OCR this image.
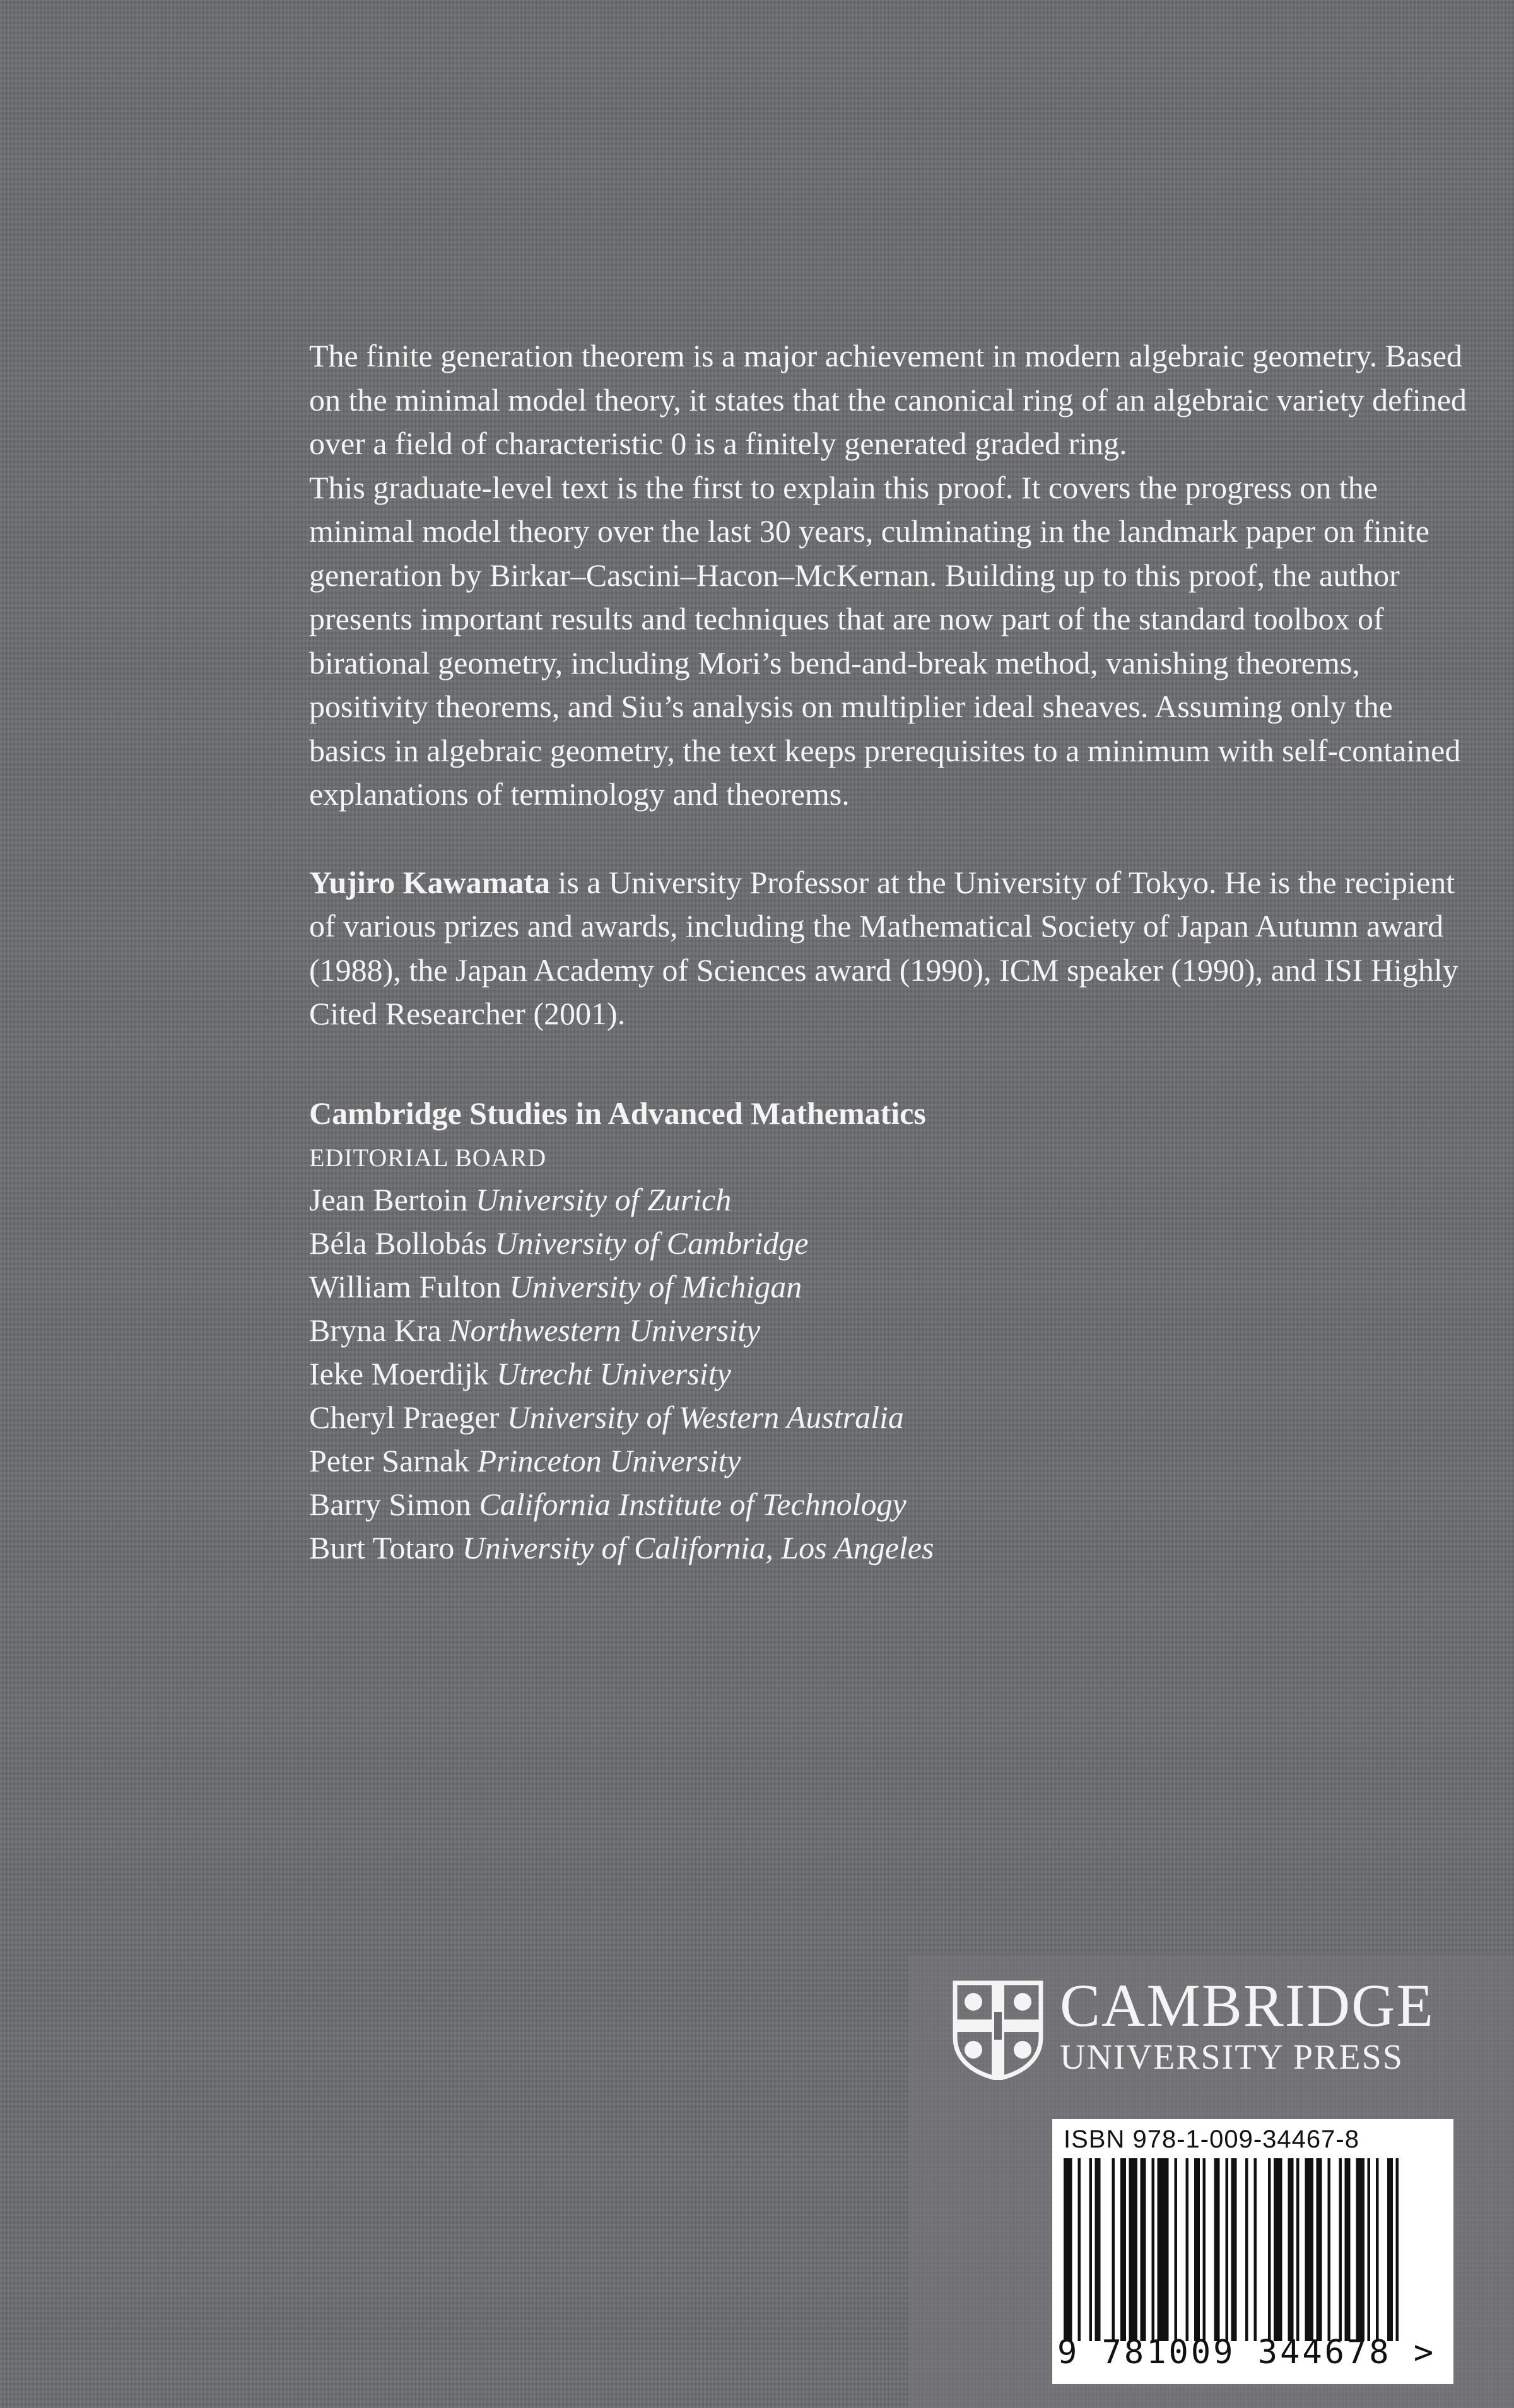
The finite generation theorem is a major achievement in modern algebraic geometry. Based on the minimal model theory, it states that the canonical ring of an algebraic variety defined over a field of characteristic 0 is a finitely generated graded ring.

This graduate-level text is the first to explain this proof. It covers the progress on the minimal model theory over the last 30 years, culminating in the landmark paper on finite generation by Birkar–Cascini–Hacon–McKernan. Building up to this proof, the author presents important results and techniques that are now part of the standard toolbox of birational geometry, including Mori’s bend-and-break method, vanishing theorems, positivity theorems, and Siu’s analysis on multiplier ideal sheaves. Assuming only the basics in algebraic geometry, the text keeps prerequisites to a minimum with self-contained explanations of terminology and theorems.

Yujiro Kawamata is a University Professor at the University of Tokyo. He is the recipient of various prizes and awards, including the Mathematical Society of Japan Autumn award (1988), the Japan Academy of Sciences award (1990), ICM speaker (1990), and ISI Highly Cited Researcher (2001).
Cambridge Studies in Advanced Mathematics
EDITORIAL BOARD
Jean Bertoin University of Zurich
Béla Bollobás University of Cambridge
William Fulton University of Michigan
Bryna Kra Northwestern University
Ieke Moerdijk Utrecht University
Cheryl Praeger University of Western Australia
Peter Sarnak Princeton University
Barry Simon California Institute of Technology
Burt Totaro University of California, Los Angeles
CAMBRIDGE
UNIVERSITY PRESS
ISBN 978-1-009-34467-8
9 781009 344678 >
